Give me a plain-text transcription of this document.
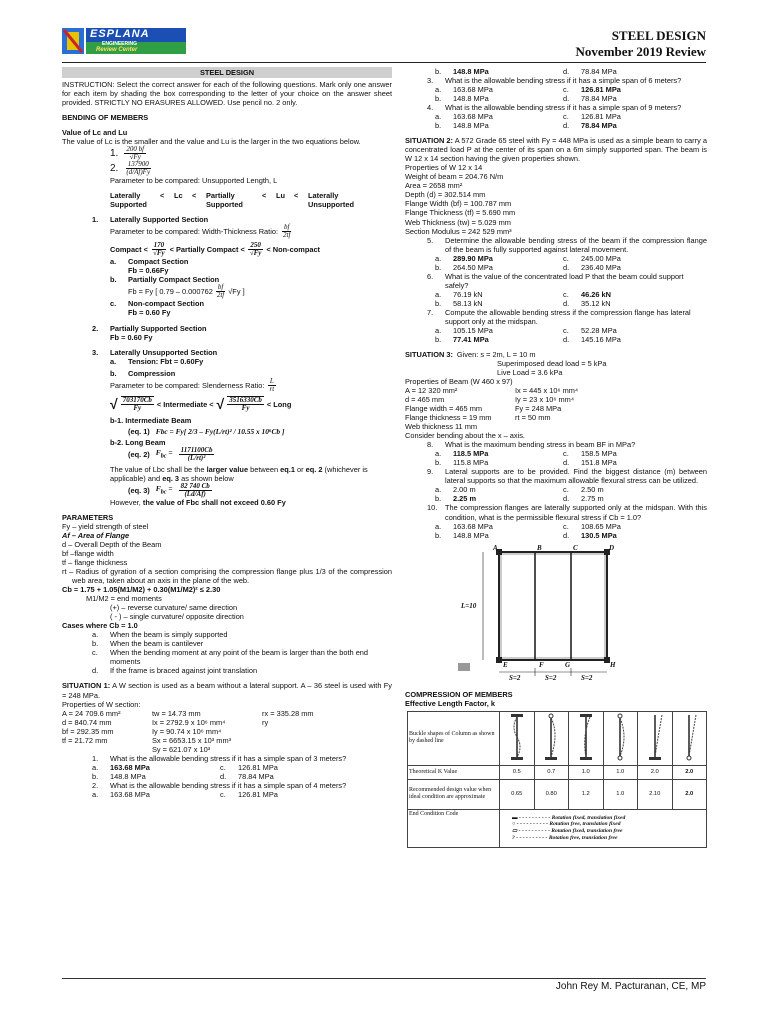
ESPLANA
ENGINEERING
Review Center
STEEL DESIGN
November 2019 Review
STEEL DESIGN

INSTRUCTION: Select the correct answer for each of the following questions. Mark only one answer for each item by shading the box corresponding to the letter of your choice on the answer sheet provided. STRICTLY NO ERASURES ALLOWED. Use pencil no. 2 only.

BENDING OF MEMBERS

Value of Lc and Lu

The value of Lc is the smaller and the value and Lu is the larger in the two equations below.

1. $\frac{200 bf}{√Fy}$
2. $\frac{137900}{(d/Af)Fy}$

Parameter to be compared: Unsupported Length, L

Laterally	<	Lc	<	Partially	<	Lu	<	Laterally
Supported	Supported	Unsupported
1.	Laterally Supported Section
Parameter to be compared: Width-Thickness Ratio: $\frac{bf}{2tf}$
Compact < $\frac{170}{√Fy}$ < Partially Compact < $\frac{250}{√Fy}$ < Non-compact
a.	Compact Section

Fb = 0.66Fy

b.	Partially Compact Section
Fb = Fy [ $0.79 - 0.000762 \frac{bf}{2tf} √Fy$ ]
c.	Non-compact Section

Fb = 0.60 Fy

2.	Partially Supported Section

Fb = 0.60 Fy

3.	Laterally Unsupported Section
a.	Tension: Fbt = 0.60Fy
b.	Compression
Parameter to be compared: Slenderness Ratio: $\frac{L}{rt}$
√ $\frac{703170Cb}{Fy}$ < Intermediate < √ $\frac{3516330Cb}{Fy}$ < Long

b-1. Intermediate Beam

(eq. 1) Fbc = Fy[ 2/3 – Fy(L/rt)² / 10.55 x 10⁶Cb ]

b-2. Long Beam

(eq. 2) $F_{bc} = \frac{1171100Cb}{\text{(L/rt)²}}$

The value of Lbc shall be the larger value between eq.1 or eq. 2 (whichever is applicable) and eq. 3 as shown below

(eq. 3) $F_{bc} = \frac{82 740 Cb}{(Ld/Af)}$

However, the value of Fbc shall not exceed 0.60 Fy

PARAMETERS

Fy – yield strength of steel

Af – Area of Flange

d – Overall Depth of the Beam

bf –flange width

tf – flange thickness

rt – Radius of gyration of a section comprising the compression flange plus 1/3 of the compression web area, taken about an axis in the plane of the web.

Cb = 1.75 + 1.05(M1/M2) + 0.30(M1/M2)² ≤ 2.30

M1/M2 = end moments

(+) – reverse curvature/ same direction

( - ) – single curvature/ opposite direction

Cases where Cb = 1.0

a.	When the beam is simply supported
b.	When the beam is cantilever
c.	When the bending moment at any point of the beam is larger than the both end moments
d.	If the frame is braced against joint translation

SITUATION 1: A W section is used as a beam without a lateral support. A – 36 steel is used with Fy = 248 MPa.

Properties of W section:

A = 24 709.6 mm²	tw = 14.73 mm	rx = 335.28 mm
d = 840.74 mm	Ix = 2792.9 x 10⁶ mm⁴	ry
bf = 292.35 mm	Iy = 90.74 x 10⁶ mm⁴
tf = 21.72 mm	Sx = 6653.15 x 10³ mm³
Sy = 621.07 x 10³
1.	What is the allowable bending stress if it has a simple span of 3 meters?
a.	163.68 MPa	c.	126.81 MPa
b.	148.8 MPa	d.	78.84 MPa
2.	What is the allowable bending stress if it has a simple span of 4 meters?
a.	163.68 MPa	c.	126.81 MPa
b.	148.8 MPa	d.	78.84 MPa
3.	What is the allowable bending stress if it has a simple span of 6 meters?
a.	163.68 MPa	c.	126.81 MPa
b.	148.8 MPa	d.	78.84 MPa
4.	What is the allowable bending stress if it has a simple span of 9 meters?
a.	163.68 MPa	c.	126.81 MPa
b.	148.8 MPa	d.	78.84 MPa

SITUATION 2: A 572 Grade 65 steel with Fy = 448 MPa is used as a simple beam to carry a concentrated load P at the center of its span on a 6m simply supported span. The beam is W 12 x 14 section having the given properties shown.

Properties of W 12 x 14

Weight of beam = 204.76 N/m

Area = 2658 mm²

Depth (d) = 302.514 mm

Flange Width (bf) = 100.787 mm

Flange Thickness (tf) = 5.690 mm

Web Thickness (tw) = 5.029 mm

Section Modulus = 242 529 mm³

5.	Determine the allowable bending stress of the beam if the compression flange of the beam is fully supported against lateral movement.
a.	289.90 MPa	c.	245.00 MPa
b.	264.50 MPa	d.	236.40 MPa
6.	What is the value of the concentrated load P that the beam could support safely?
a.	76.19 kN	c.	46.26 kN
b.	58.13 kN	d.	35.12 kN
7.	Compute the allowable bending stress if the compression flange has lateral support only at the midspan.
a.	105.15 MPa	c.	52.28 MPa
b.	77.41 MPa	d.	145.16 MPa
SITUATION 3: Given: s = 2m, L = 10 m

Superimposed dead load = 5 kPa

Live Load = 3.6 kPa

Properties of Beam (W 460 x 97)

A = 12 320 mm²	Ix = 445 x 10⁶ mm⁴
d = 465 mm	Iy = 23 x 10⁶ mm⁴
Flange width = 465 mm	Fy = 248 MPa
Flange thickness = 19 mm	rt = 50 mm
Web thickness 11 mm

Consider bending about the x – axis.

8.	What is the maximum bending stress in beam BF in MPa?
a.	118.5 MPa	c.	158.5 MPa
b.	115.8 MPa	d.	151.8 MPa
9.	Lateral supports are to be provided. Find the biggest distance (m) between lateral supports so that the maximum allowable flexural stress can be utilized.
a.	2.00 m	c.	2.50 m
b.	2.25 m	d.	2.75 m
10.	The compression flanges are laterally supported only at the midspan. With this condition, what is the permissible flexural stress if Cb = 1.0?
a.	163.68 MPa	c.	108.65 MPa
b.	148.8 MPa	d.	130.5 MPa
A	B	C	D
E	F	G	H
L=10
S=2	S=2	S=2

COMPRESSION OF MEMBERS

Effective Length Factor, k

Buckle shapes of Column as shown by dashed line						
Theoretical K Value	0.5	0.7	1.0	1.0	2.0	2.0
Recommended design value when ideal condition are approximate	0.65	0.80	1.2	1.0	2.10	2.0
End Condition Code	▬ - - - - - - - - - - Rotation fixed, translation fixed
○ - - - - - - - - - - Rotation free, translation fixed
▭ - - - - - - - - - - Rotation fixed, translation free
? - - - - - - - - - - Rotation free, translation free					
John Rey M. Pacturanan, CE, MP
